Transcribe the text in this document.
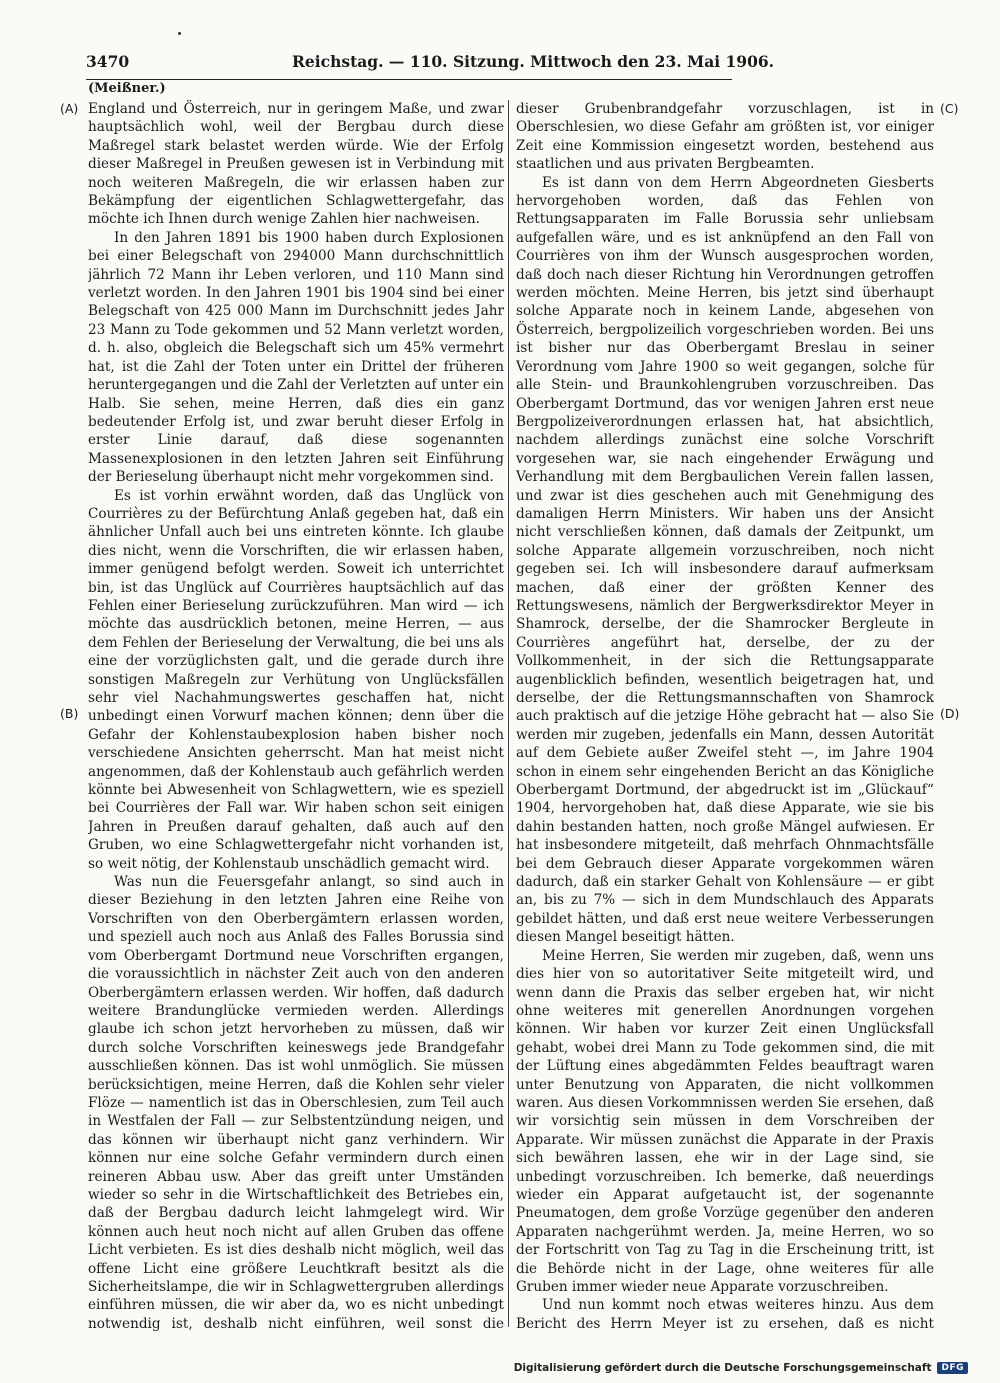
3470	Reichstag. — 110. Sitzung. Mittwoch den 23. Mai 1906.
(Meißner.)
(A)
(B)
(C)
(D)

England und Österreich, nur in geringem Maße, und zwar hauptsächlich wohl, weil der Bergbau durch diese Maßregel stark belastet werden würde. Wie der Erfolg dieser Maßregel in Preußen gewesen ist in Verbindung mit noch weiteren Maßregeln, die wir erlassen haben zur Bekämpfung der eigentlichen Schlagwettergefahr, das möchte ich Ihnen durch wenige Zahlen hier nachweisen.

In den Jahren 1891 bis 1900 haben durch Explosionen bei einer Belegschaft von 294000 Mann durchschnittlich jährlich 72 Mann ihr Leben verloren, und 110 Mann sind verletzt worden. In den Jahren 1901 bis 1904 sind bei einer Belegschaft von 425 000 Mann im Durchschnitt jedes Jahr 23 Mann zu Tode gekommen und 52 Mann verletzt worden, d. h. also, obgleich die Belegschaft sich um 45% vermehrt hat, ist die Zahl der Toten unter ein Drittel der früheren heruntergegangen und die Zahl der Verletzten auf unter ein Halb. Sie sehen, meine Herren, daß dies ein ganz bedeutender Erfolg ist, und zwar beruht dieser Erfolg in erster Linie darauf, daß diese sogenannten Massenexplosionen in den letzten Jahren seit Einführung der Berieselung überhaupt nicht mehr vorgekommen sind.

Es ist vorhin erwähnt worden, daß das Unglück von Courrières zu der Befürchtung Anlaß gegeben hat, daß ein ähnlicher Unfall auch bei uns eintreten könnte. Ich glaube dies nicht, wenn die Vorschriften, die wir erlassen haben, immer genügend befolgt werden. Soweit ich unterrichtet bin, ist das Unglück auf Courrières hauptsächlich auf das Fehlen einer Berieselung zurückzuführen. Man wird — ich möchte das ausdrücklich betonen, meine Herren, — aus dem Fehlen der Berieselung der Verwaltung, die bei uns als eine der vorzüglichsten galt, und die gerade durch ihre sonstigen Maßregeln zur Verhütung von Unglücksfällen sehr viel Nachahmungswertes geschaffen hat, nicht unbedingt einen Vorwurf machen können; denn über die Gefahr der Kohlenstaubexplosion haben bisher noch verschiedene Ansichten geherrscht. Man hat meist nicht angenommen, daß der Kohlenstaub auch gefährlich werden könnte bei Abwesenheit von Schlagwettern, wie es speziell bei Courrières der Fall war. Wir haben schon seit einigen Jahren in Preußen darauf gehalten, daß auch auf den Gruben, wo eine Schlagwettergefahr nicht vorhanden ist, so weit nötig, der Kohlenstaub unschädlich gemacht wird.

Was nun die Feuersgefahr anlangt, so sind auch in dieser Beziehung in den letzten Jahren eine Reihe von Vorschriften von den Oberbergämtern erlassen worden, und speziell auch noch aus Anlaß des Falles Borussia sind vom Oberbergamt Dortmund neue Vorschriften ergangen, die voraussichtlich in nächster Zeit auch von den anderen Oberbergämtern erlassen werden. Wir hoffen, daß dadurch weitere Brandunglücke vermieden werden. Allerdings glaube ich schon jetzt hervorheben zu müssen, daß wir durch solche Vorschriften keineswegs jede Brandgefahr ausschließen können. Das ist wohl unmöglich. Sie müssen berücksichtigen, meine Herren, daß die Kohlen sehr vieler Flöze — namentlich ist das in Oberschlesien, zum Teil auch in Westfalen der Fall — zur Selbstentzündung neigen, und das können wir überhaupt nicht ganz verhindern. Wir können nur eine solche Gefahr vermindern durch einen reineren Abbau usw. Aber das greift unter Umständen wieder so sehr in die Wirtschaftlichkeit des Betriebes ein, daß der Bergbau dadurch leicht lahmgelegt wird. Wir können auch heut noch nicht auf allen Gruben das offene Licht verbieten. Es ist dies deshalb nicht möglich, weil das offene Licht eine größere Leuchtkraft besitzt als die Sicherheitslampe, die wir in Schlagwettergruben allerdings einführen müssen, die wir aber da, wo es nicht unbedingt notwendig ist, deshalb nicht einführen, weil sonst die

dieser Grubenbrandgefahr vorzuschlagen, ist in Oberschlesien, wo diese Gefahr am größten ist, vor einiger Zeit eine Kommission eingesetzt worden, bestehend aus staatlichen und aus privaten Bergbeamten.

Es ist dann von dem Herrn Abgeordneten Giesberts hervorgehoben worden, daß das Fehlen von Rettungsapparaten im Falle Borussia sehr unliebsam aufgefallen wäre, und es ist anknüpfend an den Fall von Courrières von ihm der Wunsch ausgesprochen worden, daß doch nach dieser Richtung hin Verordnungen getroffen werden möchten. Meine Herren, bis jetzt sind überhaupt solche Apparate noch in keinem Lande, abgesehen von Österreich, bergpolizeilich vorgeschrieben worden. Bei uns ist bisher nur das Oberbergamt Breslau in seiner Verordnung vom Jahre 1900 so weit gegangen, solche für alle Stein- und Braunkohlengruben vorzuschreiben. Das Oberbergamt Dortmund, das vor wenigen Jahren erst neue Bergpolizeiverordnungen erlassen hat, hat absichtlich, nachdem allerdings zunächst eine solche Vorschrift vorgesehen war, sie nach eingehender Erwägung und Verhandlung mit dem Bergbaulichen Verein fallen lassen, und zwar ist dies geschehen auch mit Genehmigung des damaligen Herrn Ministers. Wir haben uns der Ansicht nicht verschließen können, daß damals der Zeitpunkt, um solche Apparate allgemein vorzuschreiben, noch nicht gegeben sei. Ich will insbesondere darauf aufmerksam machen, daß einer der größten Kenner des Rettungswesens, nämlich der Bergwerksdirektor Meyer in Shamrock, derselbe, der die Shamrocker Bergleute in Courrières angeführt hat, derselbe, der zu der Vollkommenheit, in der sich die Rettungsapparate augenblicklich befinden, wesentlich beigetragen hat, und derselbe, der die Rettungsmannschaften von Shamrock auch praktisch auf die jetzige Höhe gebracht hat — also Sie werden mir zugeben, jedenfalls ein Mann, dessen Autorität auf dem Gebiete außer Zweifel steht —, im Jahre 1904 schon in einem sehr eingehenden Bericht an das Königliche Oberbergamt Dortmund, der abgedruckt ist im „Glückauf“ 1904, hervorgehoben hat, daß diese Apparate, wie sie bis dahin bestanden hatten, noch große Mängel aufwiesen. Er hat insbesondere mitgeteilt, daß mehrfach Ohnmachtsfälle bei dem Gebrauch dieser Apparate vorgekommen wären dadurch, daß ein starker Gehalt von Kohlensäure — er gibt an, bis zu 7% — sich in dem Mundschlauch des Apparats gebildet hätten, und daß erst neue weitere Verbesserungen diesen Mangel beseitigt hätten.

Meine Herren, Sie werden mir zugeben, daß, wenn uns dies hier von so autoritativer Seite mitgeteilt wird, und wenn dann die Praxis das selber ergeben hat, wir nicht ohne weiteres mit generellen Anordnungen vorgehen können. Wir haben vor kurzer Zeit einen Unglücksfall gehabt, wobei drei Mann zu Tode gekommen sind, die mit der Lüftung eines abgedämmten Feldes beauftragt waren unter Benutzung von Apparaten, die nicht vollkommen waren. Aus diesen Vorkommnissen werden Sie ersehen, daß wir vorsichtig sein müssen in dem Vorschreiben der Apparate. Wir müssen zunächst die Apparate in der Praxis sich bewähren lassen, ehe wir in der Lage sind, sie unbedingt vorzuschreiben. Ich bemerke, daß neuerdings wieder ein Apparat aufgetaucht ist, der sogenannte Pneumatogen, dem große Vorzüge gegenüber den anderen Apparaten nachgerühmt werden. Ja, meine Herren, wo so der Fortschritt von Tag zu Tag in die Erscheinung tritt, ist die Behörde nicht in der Lage, ohne weiteres für alle Gruben immer wieder neue Apparate vorzuschreiben.

Und nun kommt noch etwas weiteres hinzu. Aus dem Bericht des Herrn Meyer ist zu ersehen, daß es nicht

Digitalisierung gefördert durch die Deutsche Forschungsgemeinschaft	DFG
